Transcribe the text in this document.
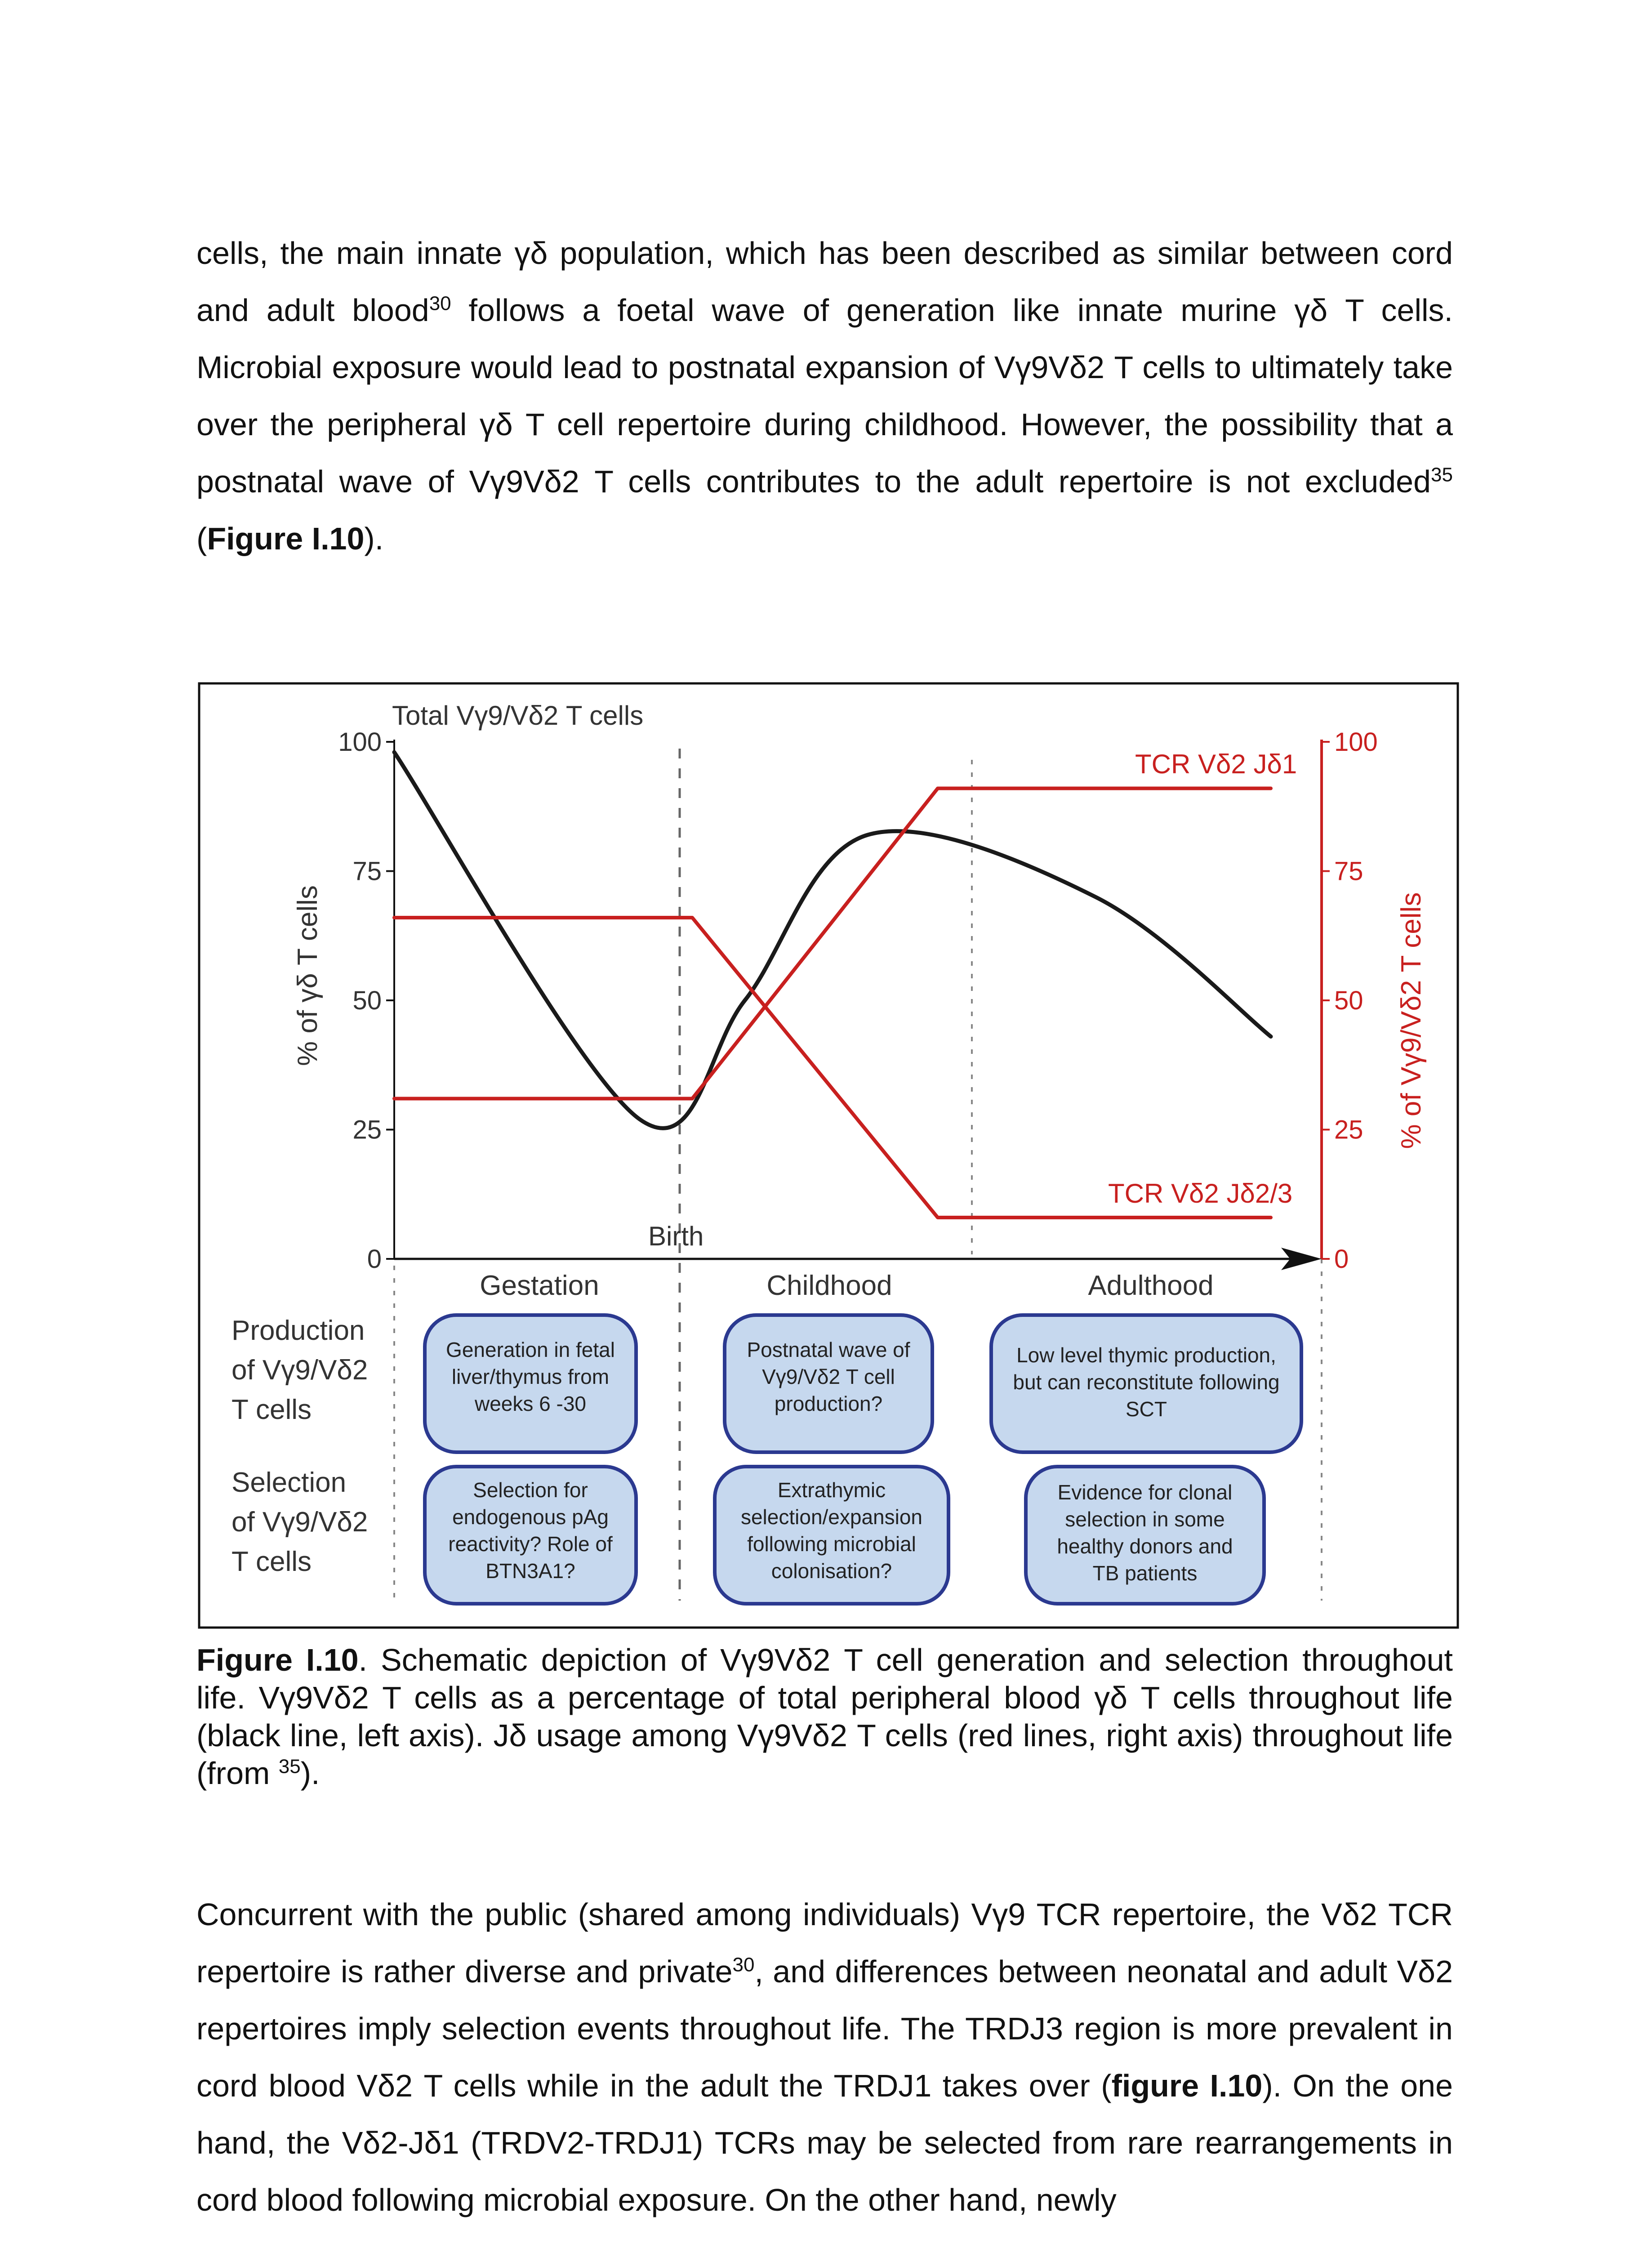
cells, the main innate γδ population, which has been described as similar between cord and adult blood$^{30}$ follows a foetal wave of generation like innate murine γδ T cells. Microbial exposure would lead to postnatal expansion of Vγ9Vδ2 T cells to ultimately take over the peripheral γδ T cell repertoire during childhood. However, the possibility that a postnatal wave of Vγ9Vδ2 T cells contributes to the adult repertoire is not excluded$^{35}$ (Figure I.10).

100
75
50
25
0
Total Vγ9/Vδ2 T cells
% of γδ T cells
100
75
50
25
0
% of Vγ9/Vδ2 T cells
TCR Vδ2 Jδ1
TCR Vδ2 Jδ2/3
Birth
Gestation	Childhood	Adulthood
Production
of Vγ9/Vδ2
T cells
Selection
of Vγ9/Vδ2
T cells
Generation in fetal
liver/thymus from
weeks 6 -30
Postnatal wave of
Vγ9/Vδ2 T cell
production?
Low level thymic production,
but can reconstitute following
SCT
Selection for
endogenous pAg
reactivity? Role of
BTN3A1?
Extrathymic
selection/expansion
following microbial
colonisation?
Evidence for clonal
selection in some
healthy donors and
TB patients

Figure I.10. Schematic depiction of Vγ9Vδ2 T cell generation and selection throughout life. Vγ9Vδ2 T cells as a percentage of total peripheral blood γδ T cells throughout life (black line, left axis). Jδ usage among Vγ9Vδ2 T cells (red lines, right axis) throughout life (from $^{35}$).

Concurrent with the public (shared among individuals) Vγ9 TCR repertoire, the Vδ2 TCR repertoire is rather diverse and private$^{30}$, and differences between neonatal and adult Vδ2 repertoires imply selection events throughout life. The TRDJ3 region is more prevalent in cord blood Vδ2 T cells while in the adult the TRDJ1 takes over (figure I.10). On the one hand, the Vδ2-Jδ1 (TRDV2-TRDJ1) TCRs may be selected from rare rearrangements in cord blood following microbial exposure. On the other hand, newly
